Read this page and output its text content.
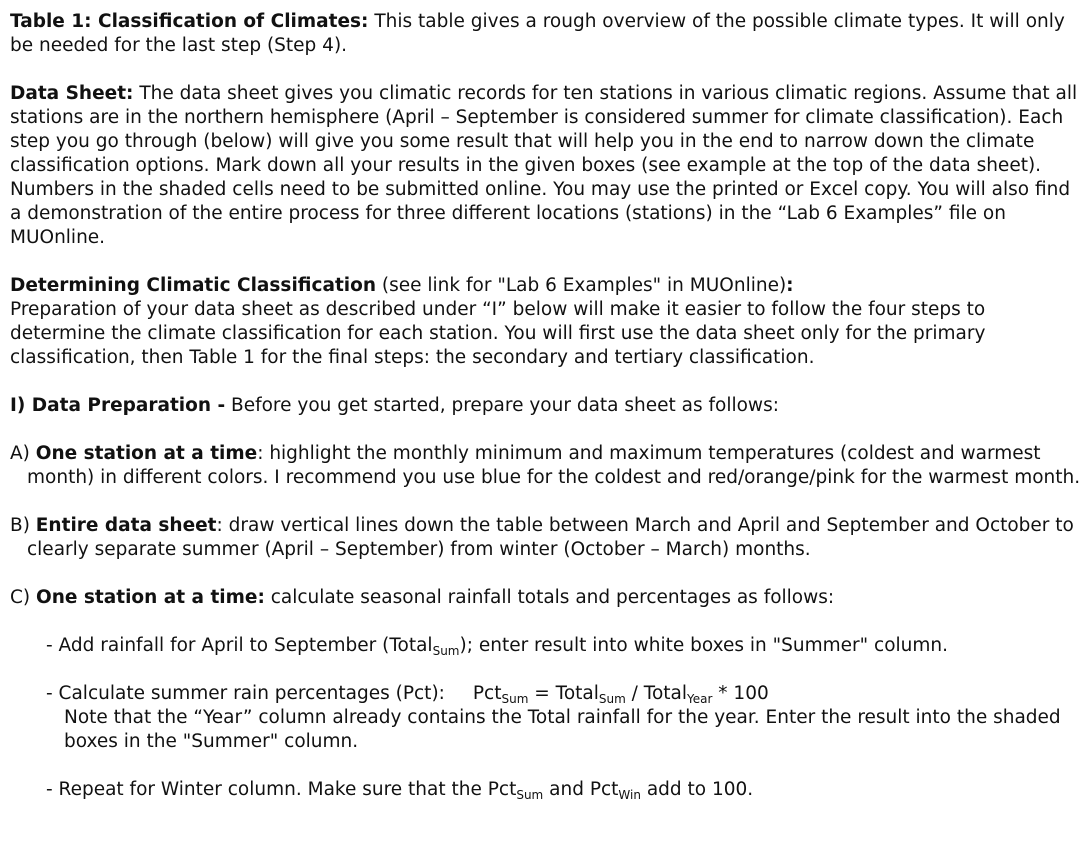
Table 1: Classification of Climates: This table gives a rough overview of the possible climate types. It will only be needed for the last step (Step 4).

Data Sheet: The data sheet gives you climatic records for ten stations in various climatic regions. Assume that all stations are in the northern hemisphere (April – September is considered summer for climate classification). Each step you go through (below) will give you some result that will help you in the end to narrow down the climate classification options. Mark down all your results in the given boxes (see example at the top of the data sheet). Numbers in the shaded cells need to be submitted online. You may use the printed or Excel copy. You will also find a demonstration of the entire process for three different locations (stations) in the “Lab 6 Examples” file on MUOnline.

Determining Climatic Classification (see link for "Lab 6 Examples" in MUOnline):

Preparation of your data sheet as described under “I” below will make it easier to follow the four steps to determine the climate classification for each station. You will first use the data sheet only for the primary classification, then Table 1 for the final steps: the secondary and tertiary classification.

I) Data Preparation - Before you get started, prepare your data sheet as follows:

A) One station at a time: highlight the monthly minimum and maximum temperatures (coldest and warmest month) in different colors. I recommend you use blue for the coldest and red/orange/pink for the warmest month.

B) Entire data sheet: draw vertical lines down the table between March and April and September and October to clearly separate summer (April – September) from winter (October – March) months.

C) One station at a time: calculate seasonal rainfall totals and percentages as follows:

- Add rainfall for April to September (Total$_{Sum}$); enter result into white boxes in "Summer" column.

- Calculate summer rain percentages (Pct): Pct$_{Sum}$ = Total$_{Sum}$ / Total$_{Year}$ * 100

Note that the “Year” column already contains the Total rainfall for the year. Enter the result into the shaded boxes in the "Summer" column.

- Repeat for Winter column. Make sure that the Pct$_{Sum}$ and Pct$_{Win}$ add to 100.
